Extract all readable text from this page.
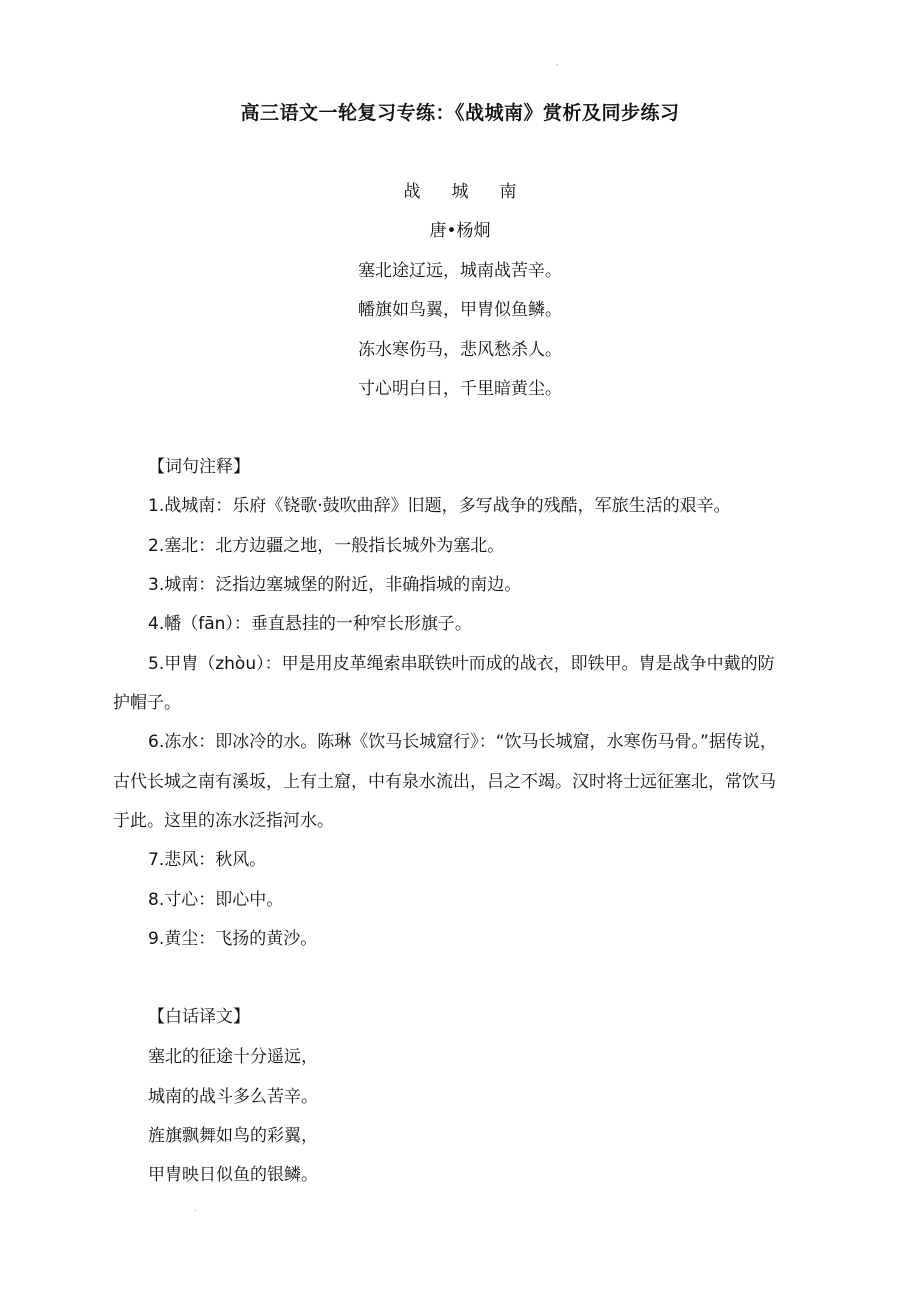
.
高三语文一轮复习专练：《战城南》赏析及同步练习
战 城 南
唐•杨炯
塞北途辽远，城南战苦辛。
幡旗如鸟翼，甲胄似鱼鳞。
冻水寒伤马，悲风愁杀人。
寸心明白日，千里暗黄尘。
【词句注释】
1.战城南：乐府《铙歌·鼓吹曲辞》旧题，多写战争的残酷，军旅生活的艰辛。
2.塞北：北方边疆之地，一般指长城外为塞北。
3.城南：泛指边塞城堡的附近，非确指城的南边。
4.幡（fān）：垂直悬挂的一种窄长形旗子。
5.甲胄（zhòu）：甲是用皮革绳索串联铁叶而成的战衣，即铁甲。胄是战争中戴的防
护帽子。
6.冻水：即冰冷的水。陈琳《饮马长城窟行》：“饮马长城窟，水寒伤马骨。”据传说，
古代长城之南有溪坂，上有土窟，中有泉水流出，吕之不竭。汉时将士远征塞北，常饮马
于此。这里的冻水泛指河水。
7.悲风：秋风。
8.寸心：即心中。
9.黄尘：飞扬的黄沙。
【白话译文】
塞北的征途十分遥远，
城南的战斗多么苦辛。
旌旗飘舞如鸟的彩翼，
甲胄映日似鱼的银鳞。
.
